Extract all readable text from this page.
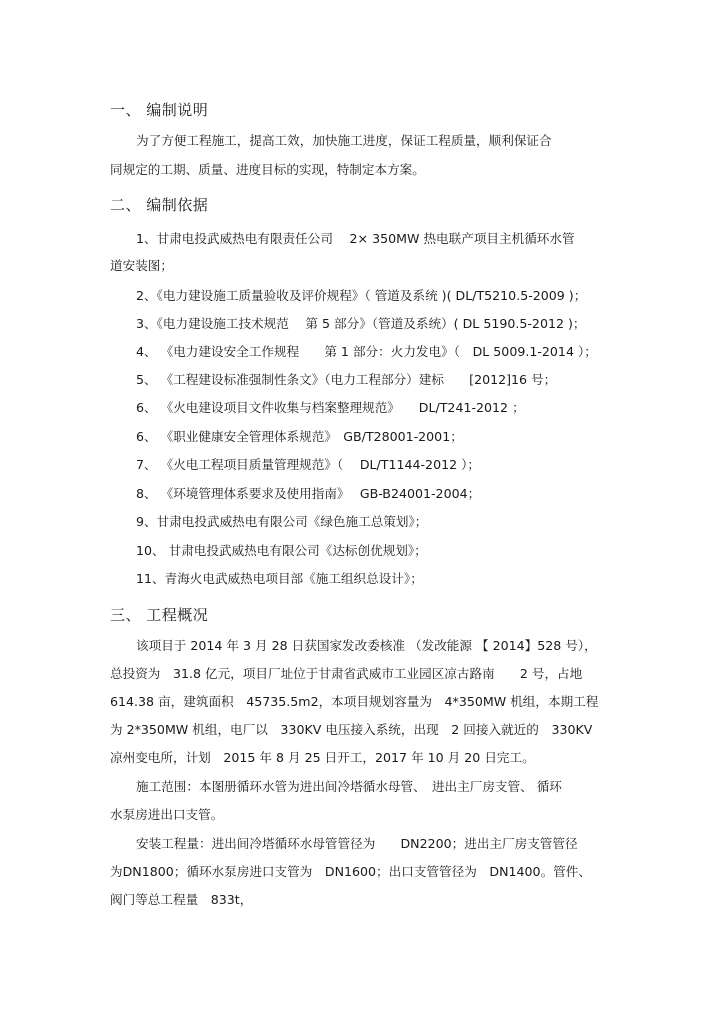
一、 编制说明
为了方便工程施工，提高工效，加快施工进度，保证工程质量，顺利保证合
同规定的工期、质量、进度目标的实现，特制定本方案。
二、 编制依据
1、甘肃电投武威热电有限责任公司　 2× 350MW 热电联产项目主机循环水管
道安装图；
2、《电力建设施工质量验收及评价规程》（ 管道及系统 )( DL/T5210.5-2009 )；
3、《电力建设施工技术规范　 第 5 部分》（管道及系统）( DL 5190.5-2012 )；
4、 《电力建设安全工作规程　　第 1 部分：火力发电》（　DL 5009.1-2014 ）；
5、 《工程建设标准强制性条文》（电力工程部分）建标　　[2012]16 号；
6、 《火电建设项目文件收集与档案整理规范》　　DL/T241-2012 ；
6、 《职业健康安全管理体系规范》　GB/T28001-2001；
7、 《火电工程项目质量管理规范》（　 DL/T1144-2012 ）；
8、 《环境管理体系要求及使用指南》　 GB-B24001-2004；
9、甘肃电投武威热电有限公司《绿色施工总策划》；
10、 甘肃电投武威热电有限公司《达标创优规划》；
11、青海火电武威热电项目部《施工组织总设计》；
三、 工程概况
该项目于 2014 年 3 月 28 日获国家发改委核准 （发改能源 【 2014】528 号），
总投资为　31.8 亿元，项目厂址位于甘肃省武威市工业园区凉古路南　　2 号，占地
614.38 亩，建筑面积　45735.5m2，本项目规划容量为　4*350MW 机组，本期工程
为 2*350MW 机组，电厂以　330KV 电压接入系统，出现　2 回接入就近的　330KV
凉州变电所，计划　2015 年 8 月 25 日开工，2017 年 10 月 20 日完工。
施工范围：本图册循环水管为进出间冷塔循水母管、　进出主厂房支管、 循环
水泵房进出口支管。
安装工程量：进出间冷塔循环水母管管径为　　DN2200；进出主厂房支管管径
为DN1800；循环水泵房进口支管为　DN1600；出口支管管径为　DN1400。管件、
阀门等总工程量　833t，
